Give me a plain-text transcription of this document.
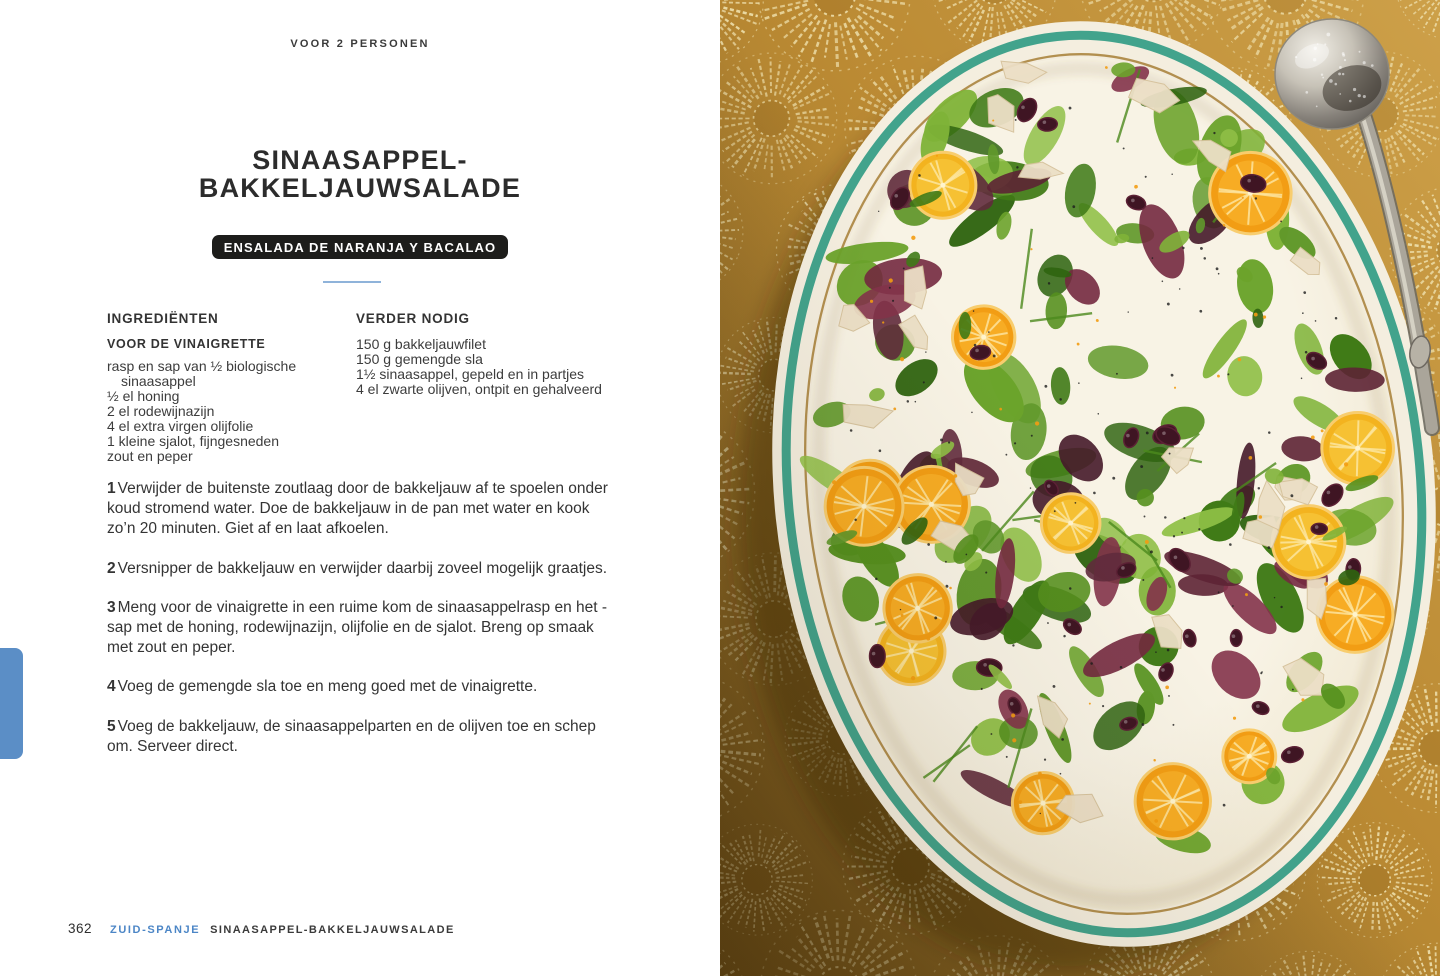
VOOR 2 PERSONEN
SINAASAPPEL-
BAKKELJAUWSALADE
ENSALADA DE NARANJA Y BACALAO

INGREDIËNTEN

VOOR DE VINAIGRETTE

rasp en sap van ½ biologische sinaasappel

½ el honing

2 el rodewijnazijn

4 el extra virgen olijfolie

1 kleine sjalot, fijngesneden

zout en peper

VERDER NODIG

150 g bakkeljauwfilet

150 g gemengde sla

1½ sinaasappel, gepeld en in partjes

4 el zwarte olijven, ontpit en gehalveerd

1 Verwijder de buitenste zoutlaag door de bakkeljauw af te spoelen onder koud stromend water. Doe de bakkeljauw in de pan met water en kook zo’n 20 minuten. Giet af en laat afkoelen.

2 Versnipper de bakkeljauw en verwijder daarbij zoveel mogelijk graatjes.

3 Meng voor de vinaigrette in een ruime kom de sinaasappelrasp en het -sap met de honing, rodewijnazijn, olijfolie en de sjalot. Breng op smaak met zout en peper.

4 Voeg de gemengde sla toe en meng goed met de vinaigrette.

5 Voeg de bakkeljauw, de sinaasappelparten en de olijven toe en schep om. Serveer direct.

362 ZUID-SPANJE SINAASAPPEL-BAKKELJAUWSALADE
